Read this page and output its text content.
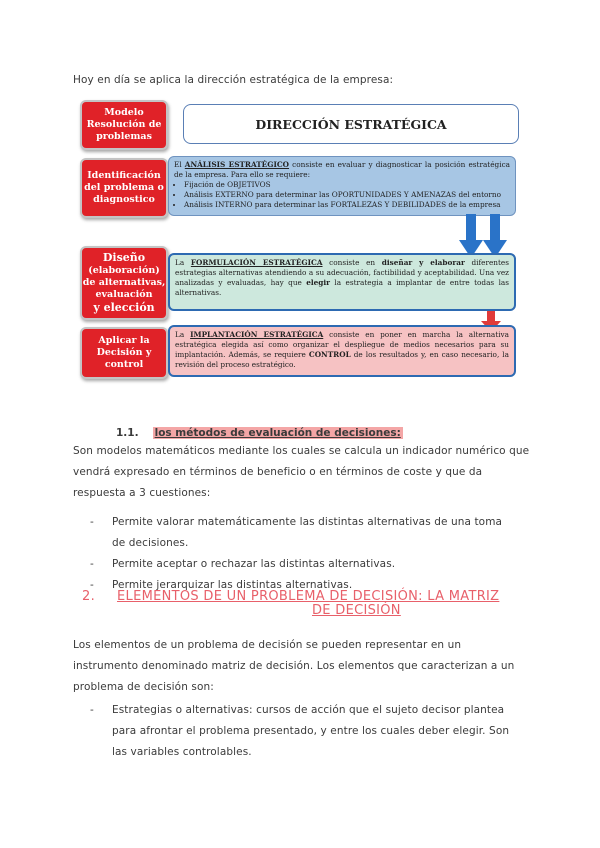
Hoy en día se aplica la dirección estratégica de la empresa:
Modelo
Resolución de
problemas
Identificación
del problema o
diagnostico
Diseño
(elaboración)
de alternativas,
evaluación
y elección
Aplicar la
Decisión y
control
DIRECCIÓN ESTRATÉGICA
El ANÁLISIS ESTRATÉGICO consiste en evaluar y diagnosticar la posición estratégica de la empresa. Para ello se requiere:
• Fijación de OBJETIVOS
• Análisis EXTERNO para determinar las OPORTUNIDADES Y AMENAZAS del entorno
• Análisis INTERNO para determinar las FORTALEZAS Y DEBILIDADES de la empresa
La FORMULACIÓN ESTRATÉGICA consiste en diseñar y elaborar diferentes estrategias alternativas atendiendo a su adecuación, factibilidad y aceptabilidad. Una vez analizadas y evaluadas, hay que elegir la estrategia a implantar de entre todas las alternativas.
La IMPLANTACIÓN ESTRATÉGICA consiste en poner en marcha la alternativa estratégica elegida así como organizar el despliegue de medios necesarios para su implantación. Además, se requiere CONTROL de los resultados y, en caso necesario, la revisión del proceso estratégico.
1.1. los métodos de evaluación de decisiones:
Son modelos matemáticos mediante los cuales se calcula un indicador numérico que
vendrá expresado en términos de beneficio o en términos de coste y que da
respuesta a 3 cuestiones:
-	Permite valorar matemáticamente las distintas alternativas de una toma
de decisiones.
-	Permite aceptar o rechazar las distintas alternativas.
-	Permite jerarquizar las distintas alternativas.
2. ELEMENTOS DE UN PROBLEMA DE DECISIÓN: LA MATRIZ
DE DECISIÓN
Los elementos de un problema de decisión se pueden representar en un
instrumento denominado matriz de decisión. Los elementos que caracterizan a un
problema de decisión son:
-	Estrategias o alternativas: cursos de acción que el sujeto decisor plantea
para afrontar el problema presentado, y entre los cuales deber elegir. Son
las variables controlables.
